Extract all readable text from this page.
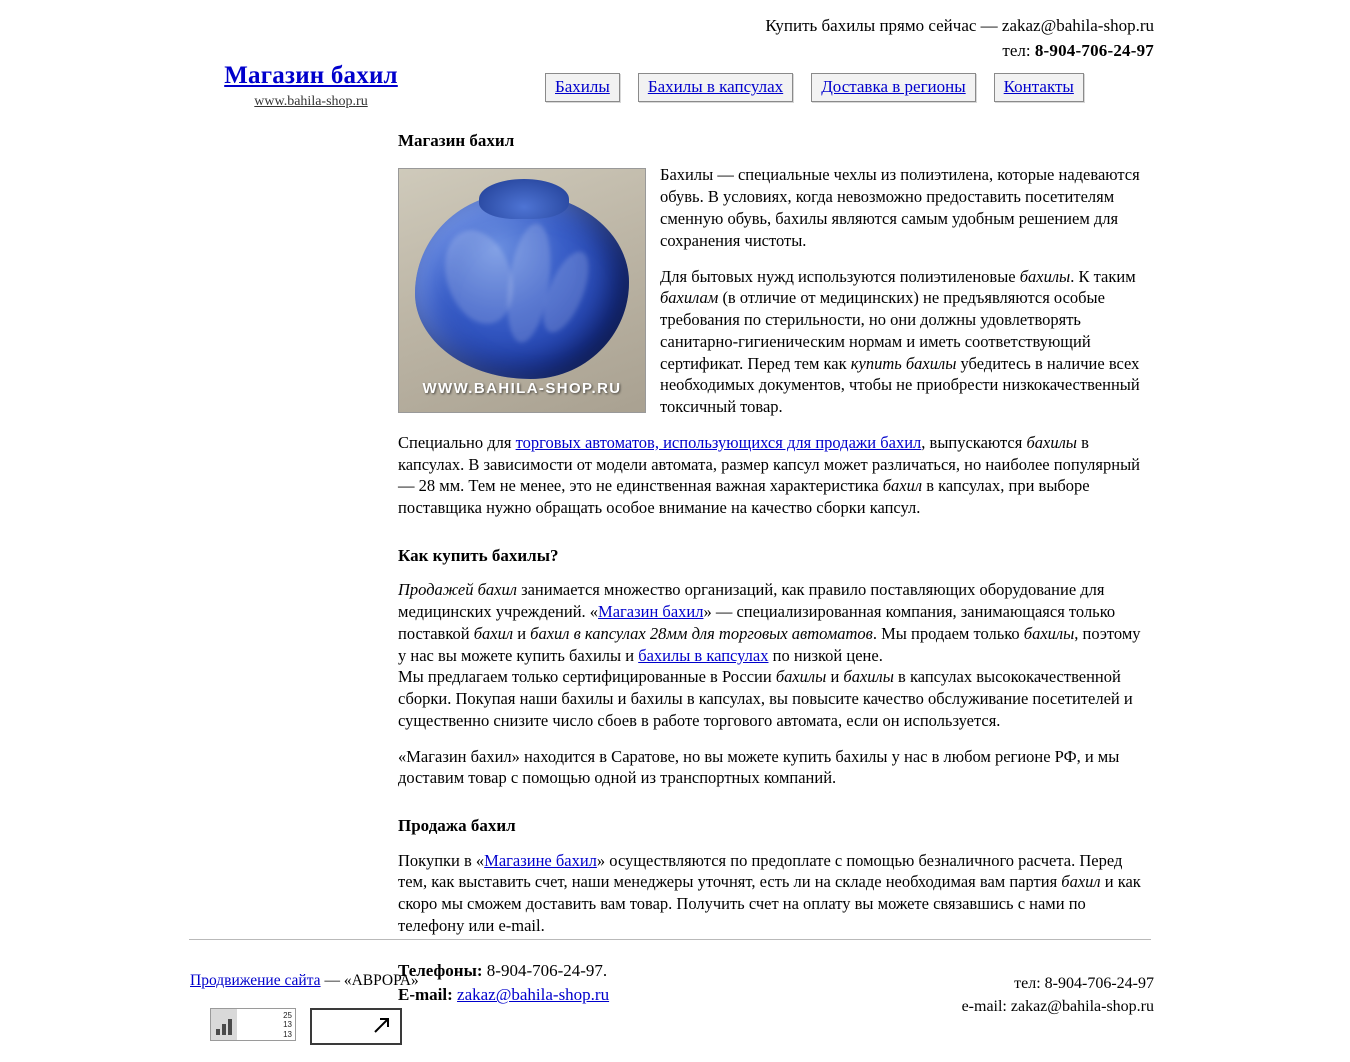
Купить бахилы прямо сейчас — zakaz@bahila-shop.ru
тел: 8-904-706-24-97
Магазин бахил
www.bahila-shop.ru
Бахилы	Бахилы в капсулах	Доставка в регионы	Контакты
Магазин бахил
WWW.BAHILA-SHOP.RU

Бахилы — специальные чехлы из полиэтилена, которые надеваются обувь. В условиях, когда невозможно предоставить посетителям сменную обувь, бахилы являются самым удобным решением для сохранения чистоты.

Для бытовых нужд используются полиэтиленовые бахилы. К таким бахилам (в отличие от медицинских) не предъявляются особые требования по стерильности, но они должны удовлетворять санитарно-гигиеническим нормам и иметь соответствующий сертификат. Перед тем как купить бахилы убедитесь в наличие всех необходимых документов, чтобы не приобрести низкокачественный токсичный товар.

Специально для торговых автоматов, использующихся для продажи бахил, выпускаются бахилы в капсулах. В зависимости от модели автомата, размер капсул может различаться, но наиболее популярный — 28 мм. Тем не менее, это не единственная важная характеристика бахил в капсулах, при выборе поставщика нужно обращать особое внимание на качество сборки капсул.

Как купить бахилы?

Продажей бахил занимается множество организаций, как правило поставляющих оборудование для медицинских учреждений. «Магазин бахил» — специализированная компания, занимающаяся только поставкой бахил и бахил в капсулах 28мм для торговых автоматов. Мы продаем только бахилы, поэтому у нас вы можете купить бахилы и бахилы в капсулах по низкой цене.
Мы предлагаем только сертифицированные в России бахилы и бахилы в капсулах высококачественной сборки. Покупая наши бахилы и бахилы в капсулах, вы повысите качество обслуживание посетителей и существенно снизите число сбоев в работе торгового автомата, если он используется.

«Магазин бахил» находится в Саратове, но вы можете купить бахилы у нас в любом регионе РФ, и мы доставим товар с помощью одной из транспортных компаний.

Продажа бахил

Покупки в «Магазине бахил» осуществляются по предоплате с помощью безналичного расчета. Перед тем, как выставить счет, наши менеджеры уточнят, есть ли на складе необходимая вам партия бахил и как скоро мы сможем доставить вам товар. Получить счет на оплату вы можете связавшись с нами по телефону или e-mail.

Телефоны: 8-904-706-24-97.
E-mail: zakaz@bahila-shop.ru
Продвижение сайта — «АВРОРА»	тел: 8-904-706-24-97
e-mail: zakaz@bahila-shop.ru
25
13
13
